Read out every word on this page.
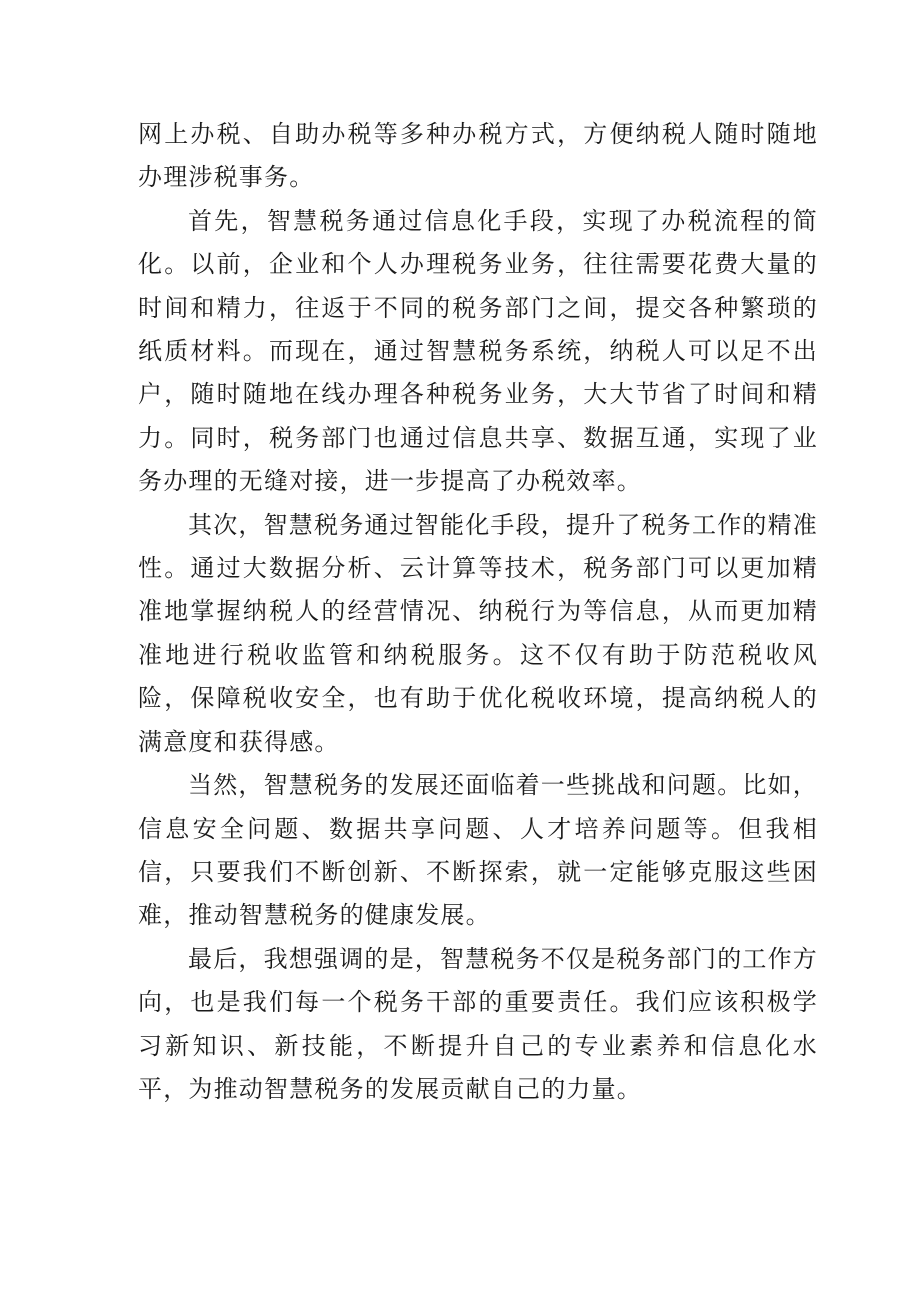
网上办税、自助办税等多种办税方式，方便纳税人随时随地办理涉税事务。

首先，智慧税务通过信息化手段，实现了办税流程的简化。以前，企业和个人办理税务业务，往往需要花费大量的时间和精力，往返于不同的税务部门之间，提交各种繁琐的纸质材料。而现在，通过智慧税务系统，纳税人可以足不出户，随时随地在线办理各种税务业务，大大节省了时间和精力。同时，税务部门也通过信息共享、数据互通，实现了业务办理的无缝对接，进一步提高了办税效率。

其次，智慧税务通过智能化手段，提升了税务工作的精准性。通过大数据分析、云计算等技术，税务部门可以更加精准地掌握纳税人的经营情况、纳税行为等信息，从而更加精准地进行税收监管和纳税服务。这不仅有助于防范税收风险，保障税收安全，也有助于优化税收环境，提高纳税人的满意度和获得感。

当然，智慧税务的发展还面临着一些挑战和问题。比如，信息安全问题、数据共享问题、人才培养问题等。但我相信，只要我们不断创新、不断探索，就一定能够克服这些困难，推动智慧税务的健康发展。

最后，我想强调的是，智慧税务不仅是税务部门的工作方向，也是我们每一个税务干部的重要责任。我们应该积极学习新知识、新技能，不断提升自己的专业素养和信息化水平，为推动智慧税务的发展贡献自己的力量。
